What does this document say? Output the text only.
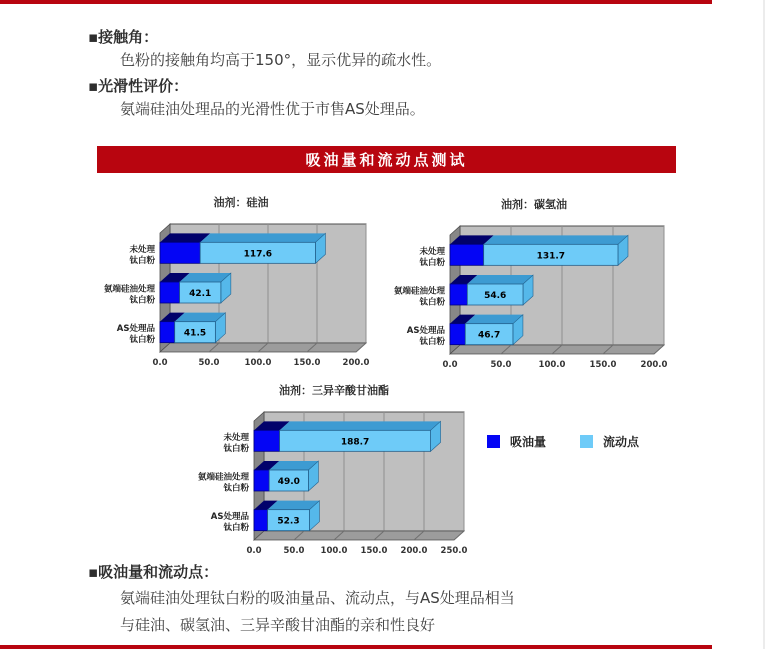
▪接触角：

色粉的接触角均高于150°，显示优异的疏水性。

▪光滑性评价：

氨端硅油处理品的光滑性优于市售AS处理品。

吸油量和流动点测试
油剂：硅油
117.6
未处理
钛白粉
42.1
氨端硅油处理
钛白粉
41.5
AS处理品
钛白粉
0.0	50.0	100.0	150.0	200.0
油剂：碳氢油
131.7
未处理
钛白粉
54.6
氨端硅油处理
钛白粉
46.7
AS处理品
钛白粉
0.0	50.0	100.0	150.0	200.0
油剂：三异辛酸甘油酯
188.7
未处理
钛白粉
49.0
氨端硅油处理
钛白粉
52.3
AS处理品
钛白粉
0.0	50.0 100.0 150.0 200.0 250.0
吸油量	流动点

▪吸油量和流动点：

氨端硅油处理钛白粉的吸油量品、流动点，与AS处理品相当

与硅油、碳氢油、三异辛酸甘油酯的亲和性良好
